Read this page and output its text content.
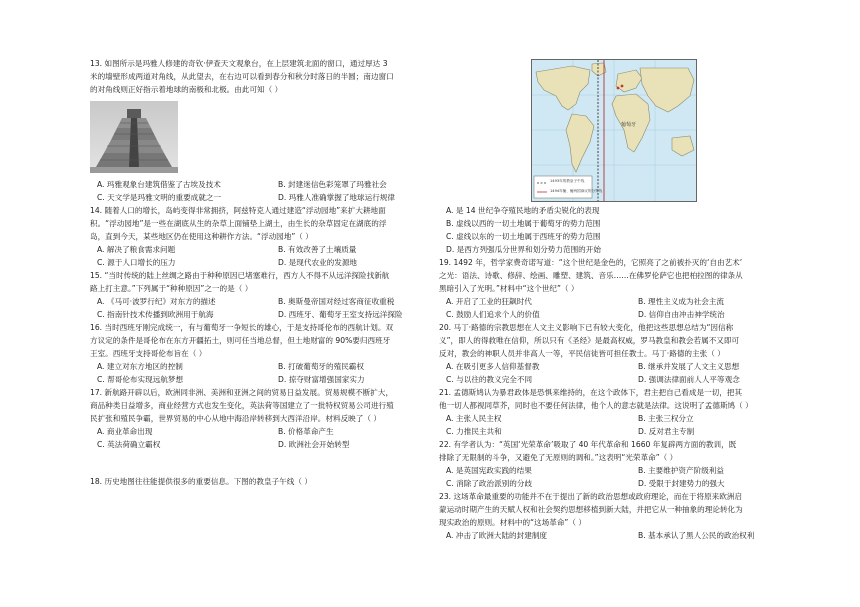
13. 如图所示是玛雅人修建的奇钦·伊查天文观象台，在上层建筑北面的窗口，通过厚达 3
米的墙壁形成两道对角线，从此望去，在右边可以看到春分和秋分时落日的半圆；南边窗口
的对角线则正好指示着地球的南极和北极。由此可知（ ）
A. 玛雅观象台建筑借鉴了古埃及技术	B. 封建迷信色彩笼罩了玛雅社会
C. 天文学是玛雅文明的重要成就之一	D. 玛雅人准确掌握了地球运行规律
14. 随着人口的增长，岛屿变得非常拥挤，阿兹特克人通过建造“浮动园地”来扩大耕地面
积。“浮动园地”是一些在湖底从生的杂草上面铺垫上湖土，由生长的杂草固定在湖底的浮
岛，直到今天，某些地区仍在使用这种耕作方法。“浮动园地”（ ）
A. 解决了粮食需求问题	B. 有效改善了土壤质量
C. 源于人口增长的压力	D. 是现代农业的发源地
15. “当时传统的陆上丝绸之路由于种种原因已堵塞难行，西方人不得不从远洋探险找新航
路上打主意。”下列属于“种种原因”之一的是（ ）
A. 《马可·波罗行纪》对东方的描述	B. 奥斯曼帝国对经过客商征收重税
C. 指南针技术传播到欧洲用于航海	D. 西班牙、葡萄牙王室支持远洋探险
16. 当时西班牙刚完成统一，有与葡萄牙一争短长的雄心，于是支持哥伦布的西航计划。双
方议定的条件是哥伦布在东方开疆拓土，则可任当地总督，但土地财富的 90%要归西班牙
王室。西班牙支持哥伦布旨在（ ）
A. 建立对东方地区的控制	B. 打破葡萄牙的殖民霸权
C. 帮哥伦布实现远航梦想	D. 掠夺财富增强国家实力
17. 新航路开辟以后，欧洲同非洲、美洲和亚洲之间的贸易日益发展。贸易规模不断扩大，
商品种类日益增多，商业经营方式也发生变化，英法荷等国建立了一批特权贸易公司进行殖
民扩张和殖民争霸，世界贸易的中心从地中海沿岸转移到大西洋沿岸。材料反映了（ ）
A. 商业革命出现	B. 价格革命产生
C. 英法荷确立霸权	D. 欧洲社会开始转型
18. 历史地图往往能提供很多的重要信息。下图的教皇子午线（ ）
葡萄牙
1493年的教皇子午线
1494年葡、葡两国商议的分界线
A. 是 14 世纪争夺殖民地的矛盾尖锐化的表现
B. 虚线以西的一切土地属于葡萄牙的势力范围
C. 虚线以东的一切土地属于西班牙的势力范围
D. 是西方列强瓜分世界和划分势力范围的开始
19. 1492 年，哲学家费奇诺写道：“这个世纪是金色的，它照亮了之前被扑灭的‘自由艺术’
之光：语法、诗歌、修辞、绘画、雕塑、建筑、音乐……在佛罗伦萨它也把柏拉图的律条从
黑暗引入了光明。”材料中“这个世纪”（ ）
A. 开启了工业的狂飙时代	B. 理性主义成为社会主流
C. 鼓励人们追求个人的价值	D. 信仰自由冲击神学统治
20. 马丁·路德的宗教思想在人文主义影响下已有较大变化，他把这些思想总结为“因信称
义”，即人的得救唯在信仰，所以只有《圣经》是最高权威，罗马教皇和教会若属不又即可
反对，教会的神职人员并非高人一等，平民信徒皆可担任教士。马丁·路德的主张（ ）
A. 在吸引更多人信仰基督教	B. 继承并发展了人文主义思想
C. 与以往的教义完全不同	D. 强调法律面前人人平等观念
21. 孟德斯鸠认为暴君政体是恐惧来维持的，在这个政体下，君主把自己看成是一切，把其
他一切人都视同草芥，同时也不要任何法律，他个人的意志就是法律。这说明了孟德斯鸠（ ）
A. 主张人民主权	B. 主张三权分立
C. 力推民主共和	D. 反对君主专制
22. 有学者认为：“英国‘光荣革命’吸取了 40 年代革命和 1660 年复辟两方面的教训，既
排除了无限制的斗争，又避免了无原则的调和。”这表明“光荣革命”（ ）
A. 是英国宪政实践的结果	B. 主要维护资产阶级利益
C. 消除了政治派别的分歧	D. 受限于封建势力的强大
23. 这场革命最重要的功能并不在于提出了新的政治思想或政府理论，而在于将原来欧洲启
蒙运动时期产生的天赋人权和社会契约思想移植到新大陆，并把它从一种抽象的理论转化为
现实政治的原则。材料中的“这场革命”（ ）
A. 冲击了欧洲大陆的封建制度	B. 基本承认了黑人公民的政治权利
